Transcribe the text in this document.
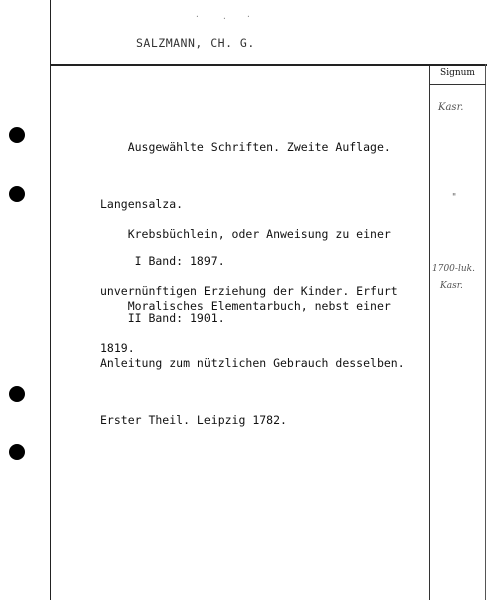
Signum
·	· ·
SALZMANN, CH. G.

Ausgewählte Schriften. Zweite Auflage.

Langensalza.

I Band: 1897.

II Band: 1901.

Krebsbüchlein, oder Anweisung zu einer

unvernünftigen Erziehung der Kinder. Erfurt

1819.

Moralisches Elementarbuch, nebst einer

Anleitung zum nützlichen Gebrauch desselben.

Erster Theil. Leipzig 1782.

Kasr.
"
1700-luk.
Kasr.
